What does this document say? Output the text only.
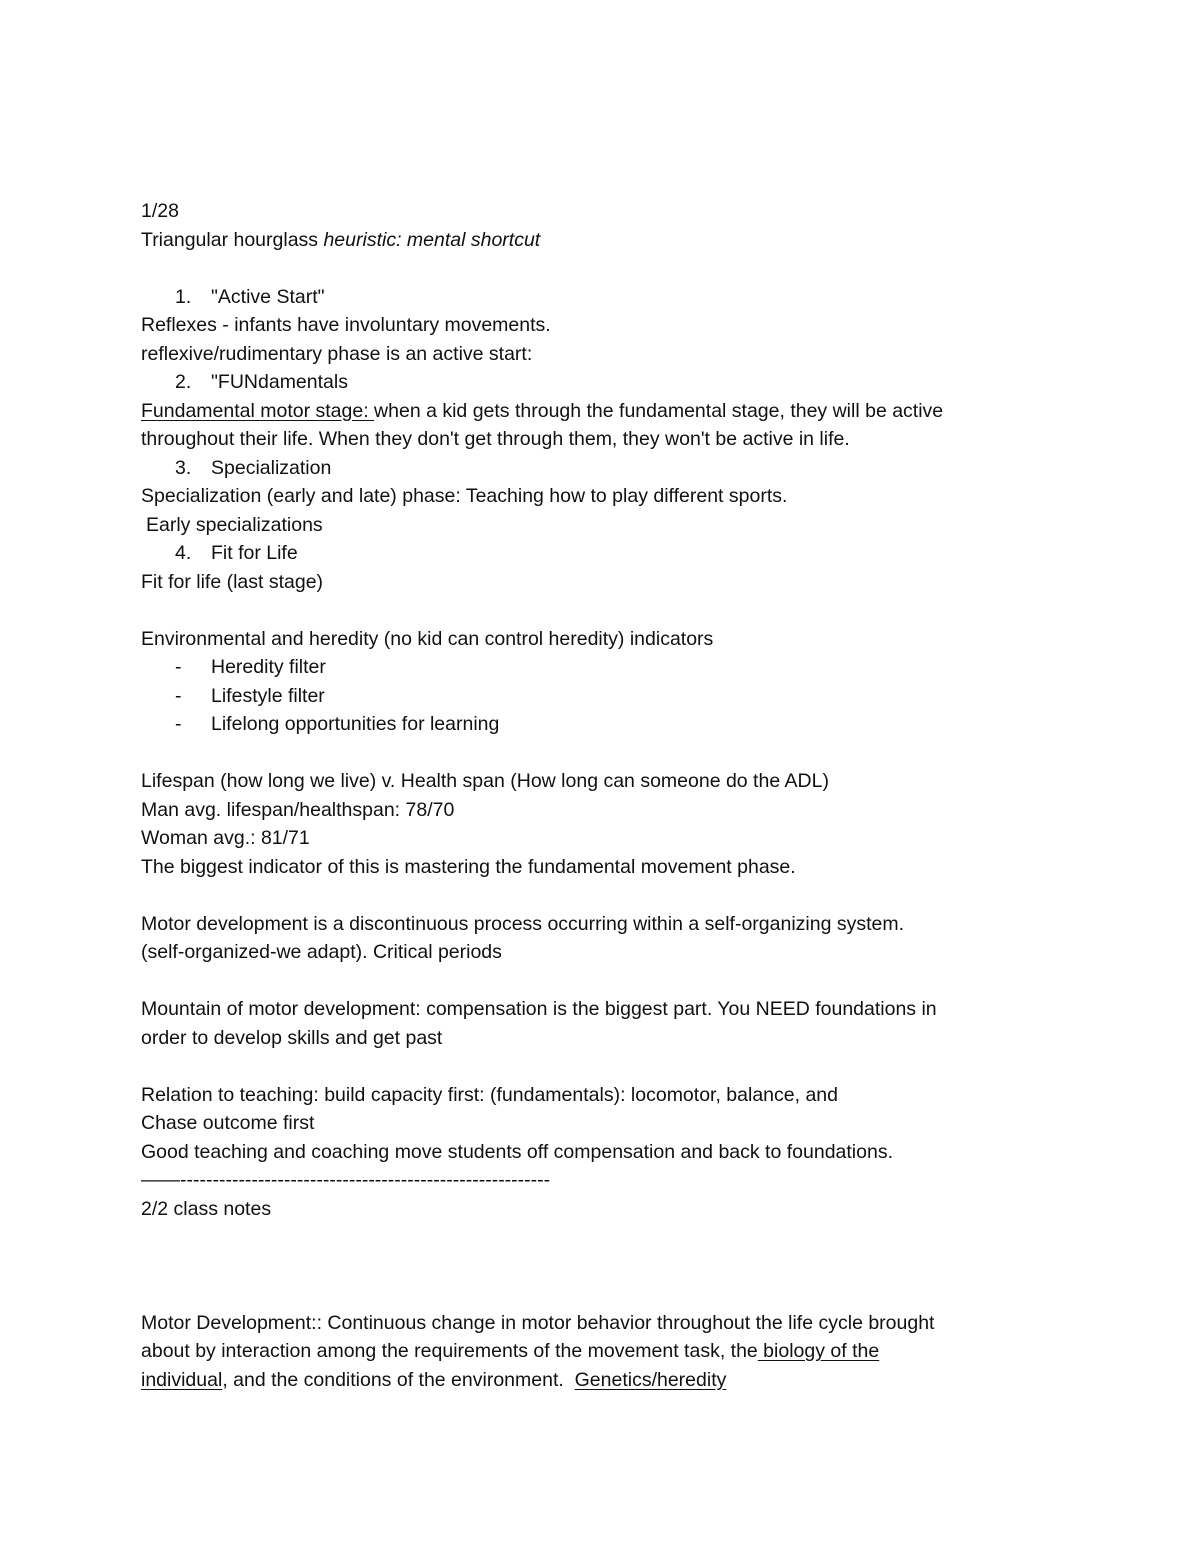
1/28
Triangular hourglass heuristic: mental shortcut
1. "Active Start"
Reflexes - infants have involuntary movements.
reflexive/rudimentary phase is an active start:
2. "FUNdamentals
Fundamental motor stage: when a kid gets through the fundamental stage, they will be active
throughout their life. When they don't get through them, they won't be active in life.
3. Specialization
Specialization (early and late) phase: Teaching how to play different sports.
Early specializations
4. Fit for Life
Fit for life (last stage)
Environmental and heredity (no kid can control heredity) indicators
- Heredity filter
- Lifestyle filter
- Lifelong opportunities for learning
Lifespan (how long we live) v. Health span (How long can someone do the ADL)
Man avg. lifespan/healthspan: 78/70
Woman avg.: 81/71
The biggest indicator of this is mastering the fundamental movement phase.
Motor development is a discontinuous process occurring within a self-organizing system.
(self-organized-we adapt). Critical periods
Mountain of motor development: compensation is the biggest part. You NEED foundations in
order to develop skills and get past
Relation to teaching: build capacity first: (fundamentals): locomotor, balance, and
Chase outcome first
Good teaching and coaching move students off compensation and back to foundations.
——---------------------------------------------------------
2/2 class notes
Motor Development:: Continuous change in motor behavior throughout the life cycle brought
about by interaction among the requirements of the movement task, the biology of the
individual, and the conditions of the environment.  Genetics/heredity
